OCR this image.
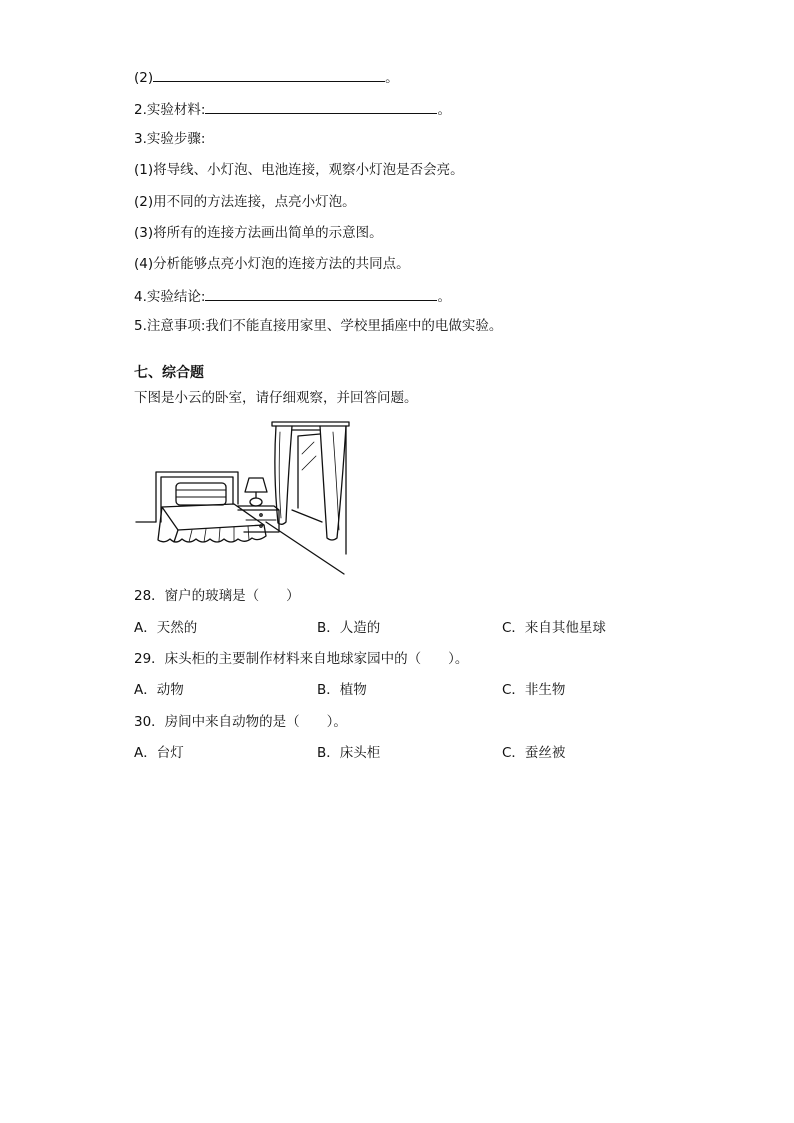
(2)	。
2.实验材料:	。
3.实验步骤:
(1)将导线、小灯泡、电池连接，观察小灯泡是否会亮。
(2)用不同的方法连接，点亮小灯泡。
(3)将所有的连接方法画出简单的示意图。
(4)分析能够点亮小灯泡的连接方法的共同点。
4.实验结论:	。
5.注意事项:我们不能直接用家里、学校里插座中的电做实验。
七、综合题
下图是小云的卧室，请仔细观察，并回答问题。
28．窗户的玻璃是（　　）
A．天然的	B．人造的	C．来自其他星球
29．床头柜的主要制作材料来自地球家园中的（　　）。
A．动物	B．植物	C．非生物
30．房间中来自动物的是（　　）。
A．台灯	B．床头柜	C．蚕丝被
